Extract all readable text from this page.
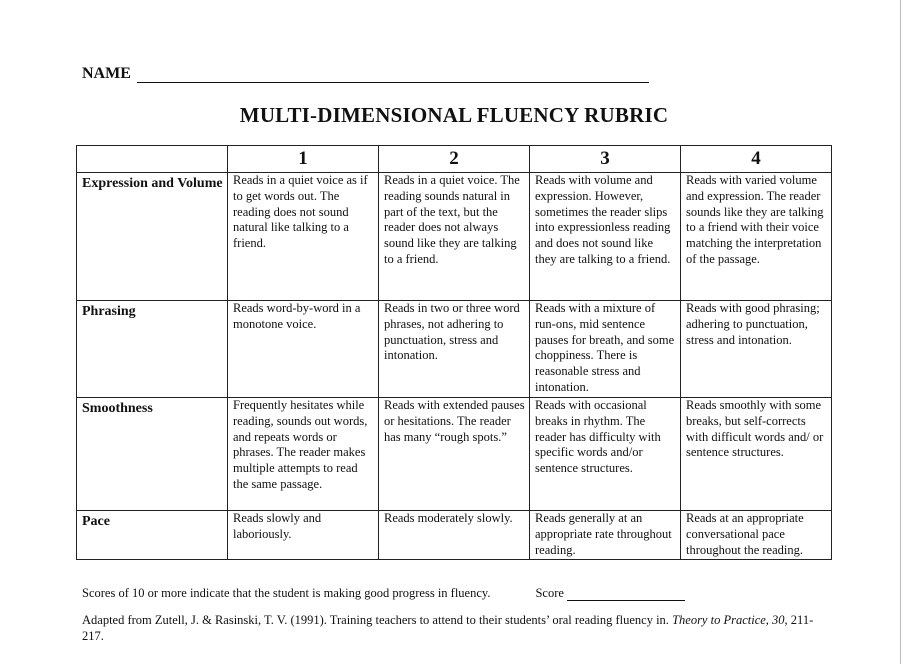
NAME
MULTI-DIMENSIONAL FLUENCY RUBRIC
	1	2	3	4
Expression and Volume	Reads in a quiet voice as if to get words out. The reading does not sound natural like talking to a friend.	Reads in a quiet voice. The reading sounds natural in part of the text, but the reader does not always sound like they are talking to a friend.	Reads with volume and expression. However, sometimes the reader slips into expressionless reading and does not sound like they are talking to a friend.	Reads with varied volume and expression. The reader sounds like they are talking to a friend with their voice matching the interpretation of the passage.
Phrasing	Reads word-by-word in a monotone voice.	Reads in two or three word phrases, not adhering to punctuation, stress and intonation.	Reads with a mixture of run-ons, mid sentence pauses for breath, and some choppiness. There is reasonable stress and intonation.	Reads with good phrasing; adhering to punctuation, stress and intonation.
Smoothness	Frequently hesitates while reading, sounds out words, and repeats words or phrases. The reader makes multiple attempts to read the same passage.	Reads with extended pauses or hesitations. The reader has many “rough spots.”	Reads with occasional breaks in rhythm. The reader has difficulty with specific words and/or sentence structures.	Reads smoothly with some breaks, but self-corrects with difficult words and/ or sentence structures.
Pace	Reads slowly and laboriously.	Reads moderately slowly.	Reads generally at an appropriate rate throughout reading.	Reads at an appropriate conversational pace throughout the reading.
Scores of 10 or more indicate that the student is making good progress in fluency.	Score
Adapted from Zutell, J. & Rasinski, T. V. (1991). Training teachers to attend to their students’ oral reading fluency in. Theory to Practice, 30, 211-217.
